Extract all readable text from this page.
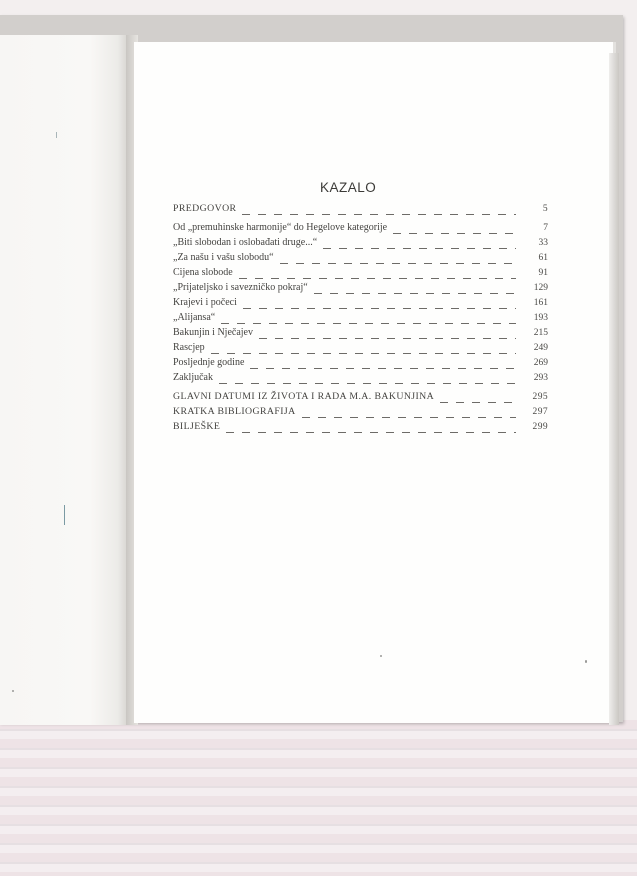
KAZALO
PREDGOVOR	5
Od „premuhinske harmonije“ do Hegelove kategorije	7
„Biti slobodan i oslobađati druge...“	33
„Za našu i vašu slobodu“	61
Cijena slobode	91
„Prijateljsko i savezničko pokraj“	129
Krajevi i počeci	161
„Alijansa“	193
Bakunjin i Nječajev	215
Rascjep	249
Posljednje godine	269
Zaključak	293
GLAVNI DATUMI IZ ŽIVOTA I RADA M.A. BAKUNJINA	295
KRATKA BIBLIOGRAFIJA	297
BILJEŠKE	299
